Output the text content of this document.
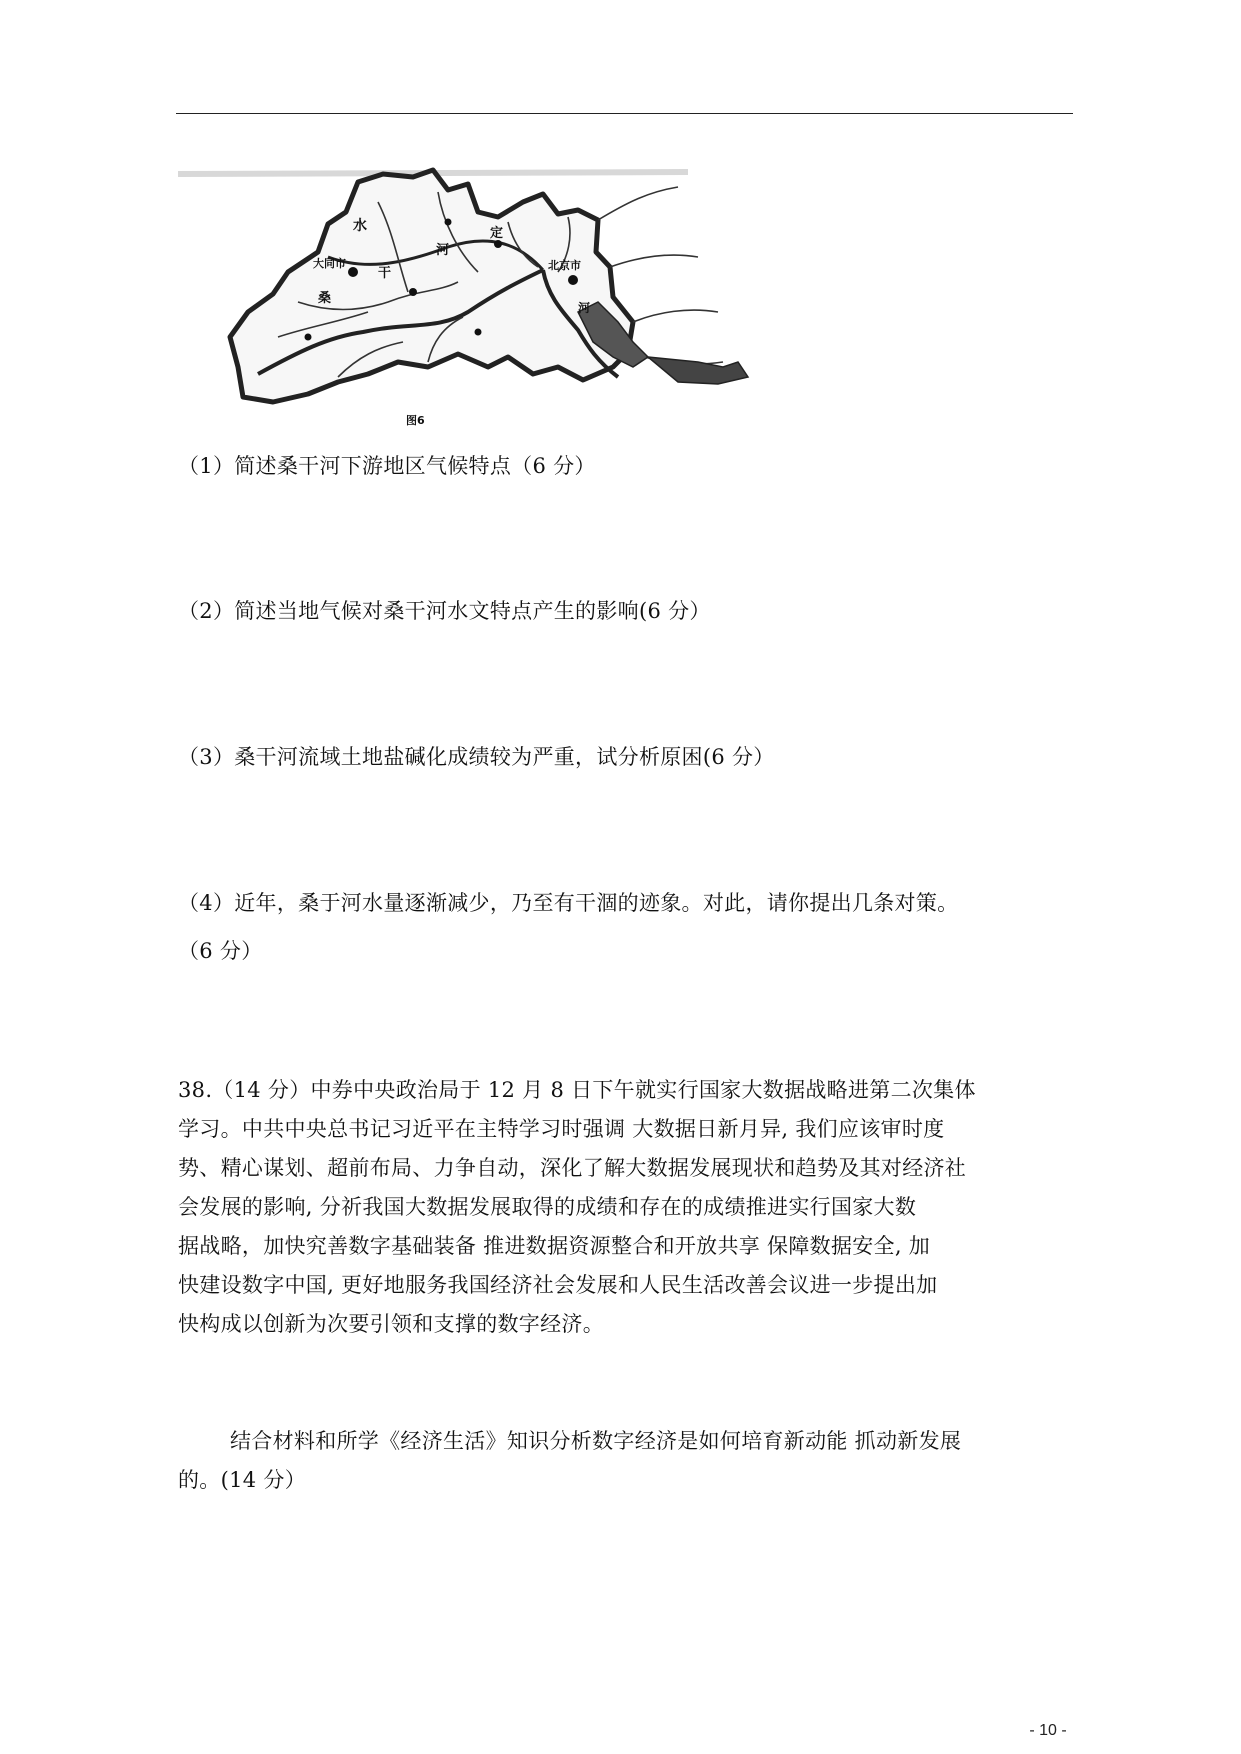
水
大同市
干
河
定
桑
北京市
河
图6
（1）简述桑干河下游地区气候特点（6 分）
（2）简述当地气候对桑干河水文特点产生的影响(6 分）
（3）桑干河流域土地盐碱化成绩较为严重，试分析原困(6 分）
（4）近年，桑于河水量逐渐减少，乃至有干涸的迹象。对此，请你提出几条对策。
（6 分）

38.（14 分）中券中央政治局于 12 月 8 日下午就实行国家大数据战略进第二次集体

学习。中共中央总书记习近平在主特学习时强调 大数据日新月异, 我们应该审时度

势、精心谋划、超前布局、力争自动，深化了解大数据发展现状和趋势及其对经济社

会发展的影响, 分祈我国大数据发展取得的成绩和存在的成绩推进实行国家大数

据战略，加快究善数字基础装备 推进数据资源整合和开放共享 保障数据安全, 加

快建设数字中国, 更好地服务我国经济社会发展和人民生活改善会议进一步提出加

快构成以创新为次要引领和支撑的数字经济。

结合材料和所学《经济生活》知识分析数字经济是如何培育新动能 抓动新发展

的。(14 分）

- 10 -
